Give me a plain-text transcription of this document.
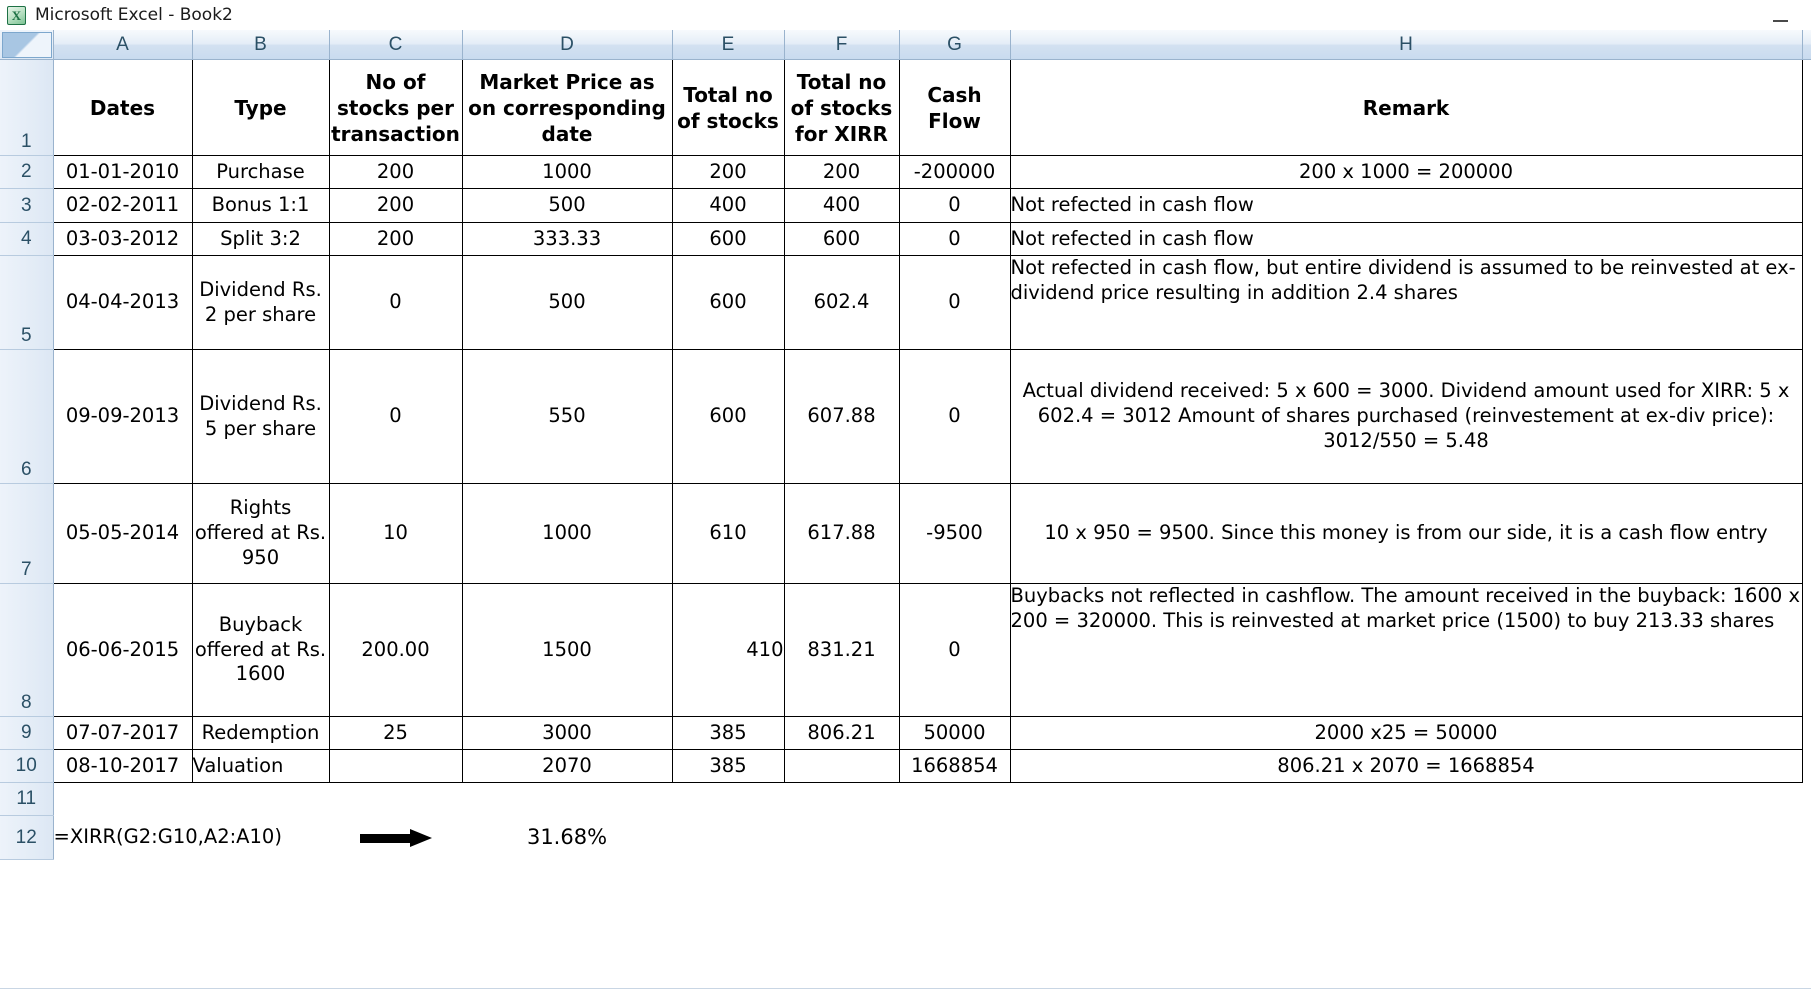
X Microsoft Excel - Book2
	A	B	C	D	E	F	G	H	
1	Dates	Type	No of stocks per transaction	Market Price as on corresponding date	Total no of stocks	Total no of stocks for XIRR	Cash Flow	Remark	
2	01-01-2010	Purchase	200	1000	200	200	-200000	200 x 1000 = 200000	
3	02-02-2011	Bonus 1:1	200	500	400	400	0	Not refected in cash flow	
4	03-03-2012	Split 3:2	200	333.33	600	600	0	Not refected in cash flow	
5	04-04-2013	Dividend Rs. 2 per share	0	500	600	602.4	0	Not refected in cash flow, but entire dividend is assumed to be reinvested at ex-dividend price resulting in addition 2.4 shares	
6	09-09-2013	Dividend Rs. 5 per share	0	550	600	607.88	0	Actual dividend received: 5 x 600 = 3000. Dividend amount used for XIRR: 5 x 602.4 = 3012 Amount of shares purchased (reinvestement at ex-div price): 3012/550 = 5.48	
7	05-05-2014	Rights offered at Rs. 950	10	1000	610	617.88	-9500	10 x 950 = 9500. Since this money is from our side, it is a cash flow entry	
8	06-06-2015	Buyback offered at Rs. 1600	200.00	1500	410	831.21	0	Buybacks not reflected in cashflow. The amount received in the buyback: 1600 x 200 = 320000. This is reinvested at market price (1500) to buy 213.33 shares	
9	07-07-2017	Redemption	25	3000	385	806.21	50000	2000 x25 = 50000	
10	08-10-2017	Valuation		2070	385		1668854	806.21 x 2070 = 1668854	
11									
12	=XIRR(G2:G10,A2:A10)			31.68%					
